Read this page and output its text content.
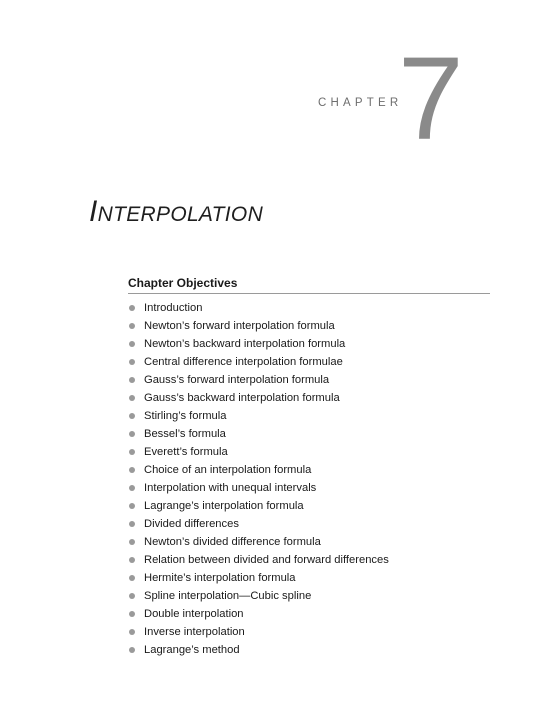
CHAPTER
7
INTERPOLATION
Chapter Objectives
Introduction
Newton’s forward interpolation formula
Newton’s backward interpolation formula
Central difference interpolation formulae
Gauss’s forward interpolation formula
Gauss’s backward interpolation formula
Stirling’s formula
Bessel’s formula
Everett’s formula
Choice of an interpolation formula
Interpolation with unequal intervals
Lagrange’s interpolation formula
Divided differences
Newton’s divided difference formula
Relation between divided and forward differences
Hermite’s interpolation formula
Spline interpolation—Cubic spline
Double interpolation
Inverse interpolation
Lagrange’s method
